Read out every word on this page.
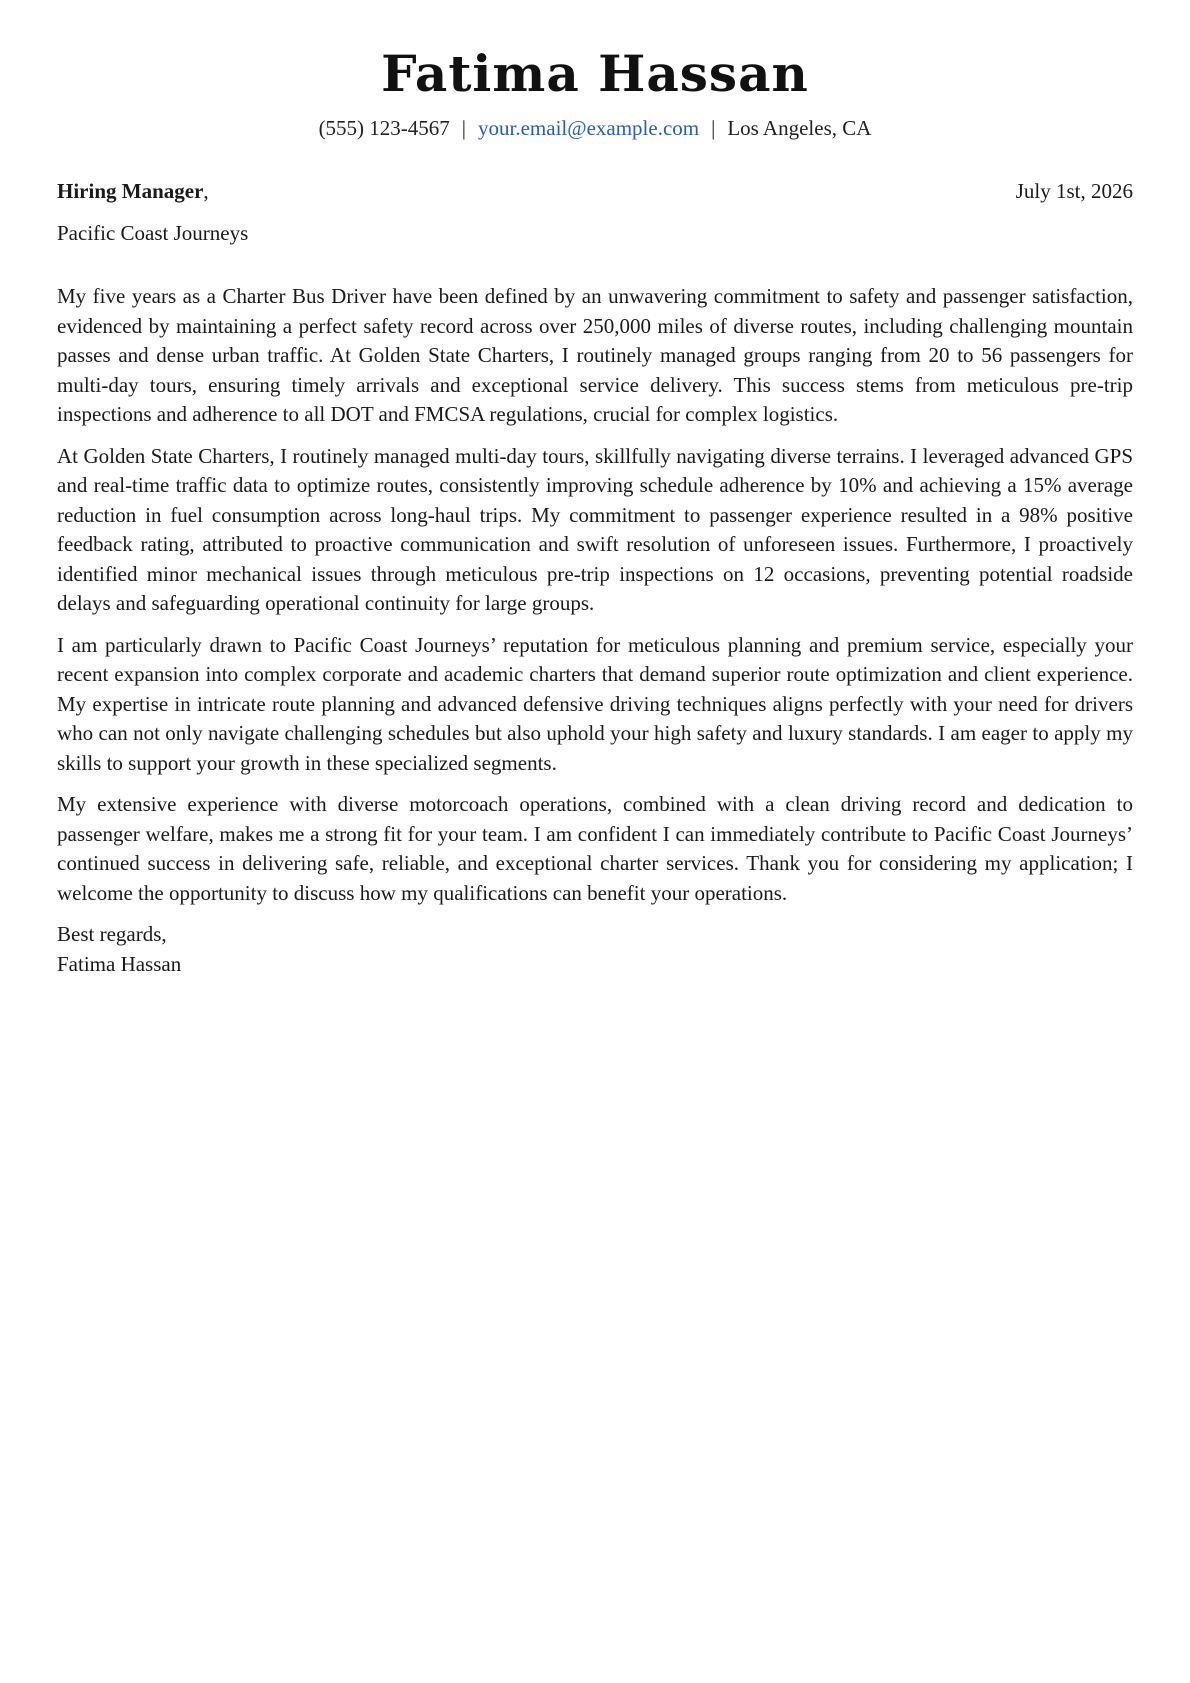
Fatima Hassan
(555) 123-4567 | your.email@example.com | Los Angeles, CA
Hiring Manager,	July 1st, 2026
Pacific Coast Journeys

My five years as a Charter Bus Driver have been defined by an unwavering commitment to safety and passenger satisfaction, evidenced by maintaining a perfect safety record across over 250,000 miles of diverse routes, including challenging mountain passes and dense urban traffic. At Golden State Charters, I routinely managed groups ranging from 20 to 56 passengers for multi-day tours, ensuring timely arrivals and exceptional service delivery. This success stems from meticulous pre-trip inspections and adherence to all DOT and FMCSA regulations, crucial for complex logistics.

At Golden State Charters, I routinely managed multi-day tours, skillfully navigating diverse terrains. I leveraged advanced GPS and real-time traffic data to optimize routes, consistently improving schedule adherence by 10% and achieving a 15% average reduction in fuel consumption across long-haul trips. My commitment to passenger experience resulted in a 98% positive feedback rating, attributed to proactive communication and swift resolution of unforeseen issues. Furthermore, I proactively identified minor mechanical issues through meticulous pre-trip inspections on 12 occasions, preventing potential roadside delays and safeguarding operational continuity for large groups.

I am particularly drawn to Pacific Coast Journeys’ reputation for meticulous planning and premium service, especially your recent expansion into complex corporate and academic charters that demand superior route optimization and client experience. My expertise in intricate route planning and advanced defensive driving techniques aligns perfectly with your need for drivers who can not only navigate challenging schedules but also uphold your high safety and luxury standards. I am eager to apply my skills to support your growth in these specialized segments.

My extensive experience with diverse motorcoach operations, combined with a clean driving record and dedication to passenger welfare, makes me a strong fit for your team. I am confident I can immediately contribute to Pacific Coast Journeys’ continued success in delivering safe, reliable, and exceptional charter services. Thank you for considering my application; I welcome the opportunity to discuss how my qualifications can benefit your operations.

Best regards,
Fatima Hassan
